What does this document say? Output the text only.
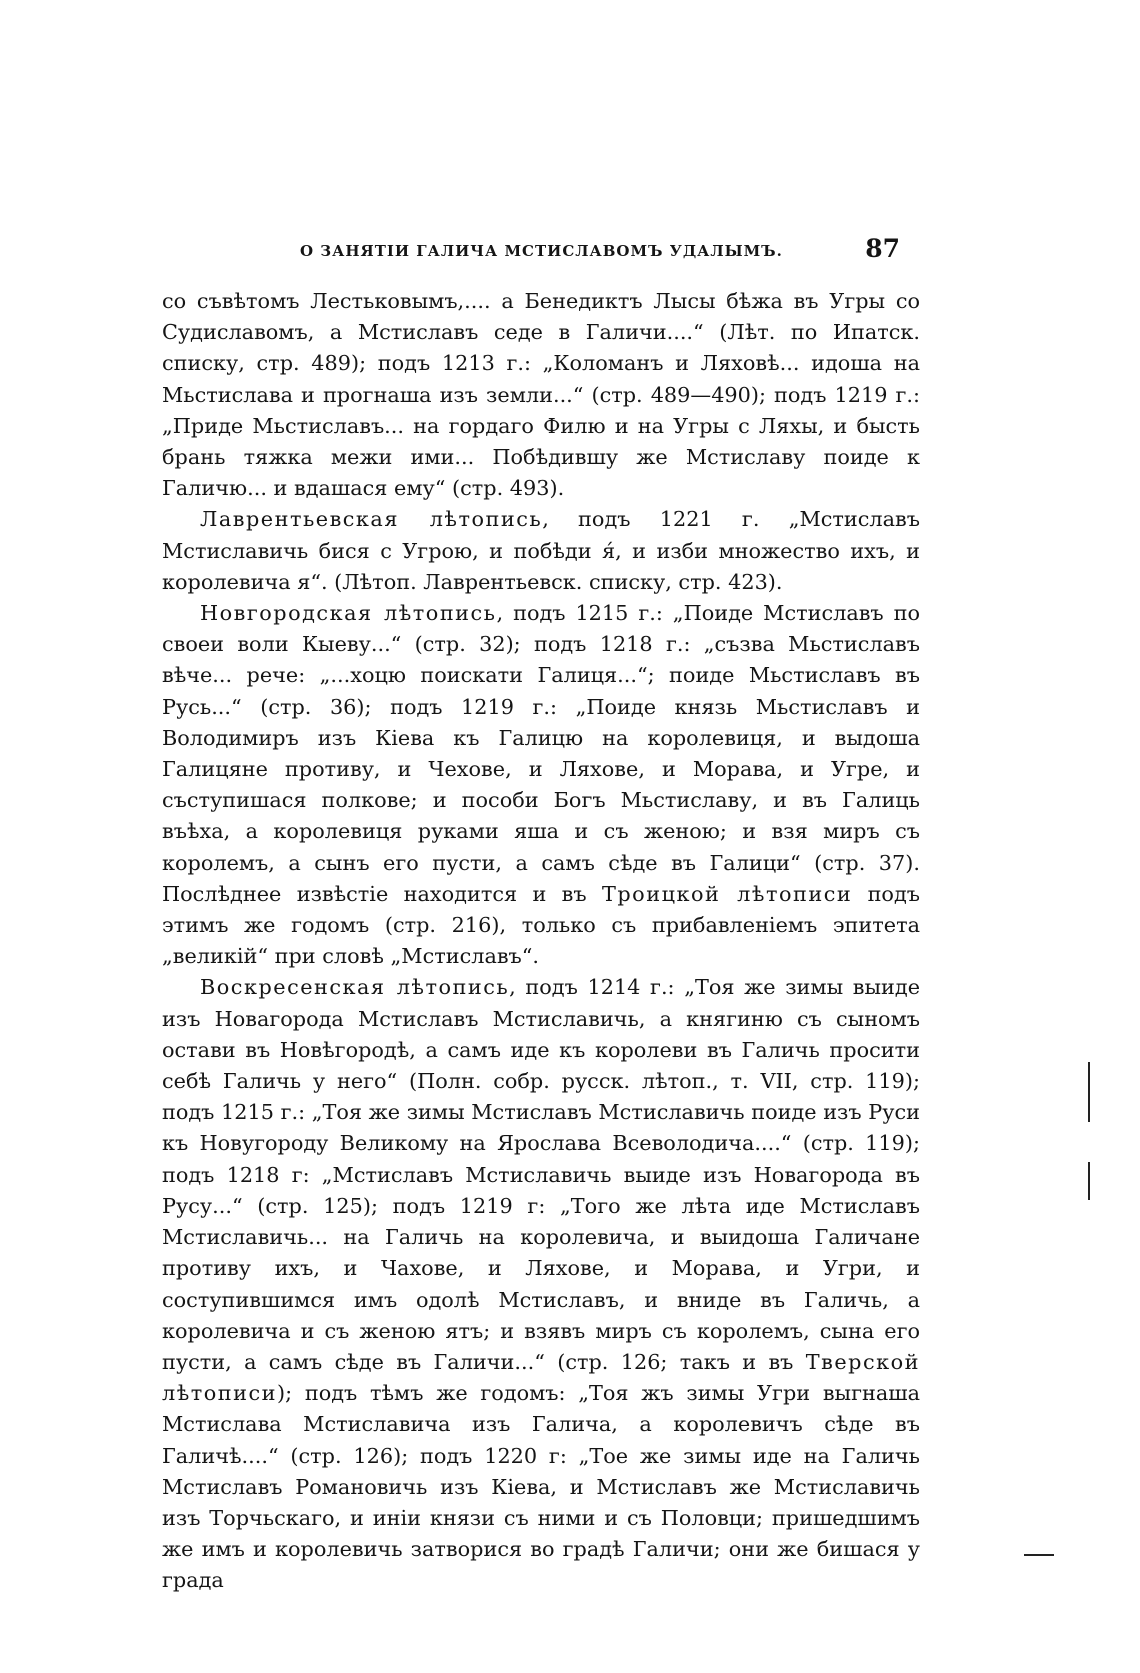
О ЗАНЯТІИ ГАЛИЧА МСТИСЛАВОМЪ УДАЛЫМЪ.	87

со съвѣтомъ Лестьковымъ,.... а Бенедиктъ Лысы бѣжа въ Угры со Судиславомъ, а Мстиславъ седе в Галичи....“ (Лѣт. по Ипатск. списку, стр. 489); подъ 1213 г.: „Коломанъ и Ляховѣ... идоша на Мьстислава и прогнаша изъ земли...“ (стр. 489—490); подъ 1219 г.: „Приде Мьстиславъ... на гордаго Филю и на Угры с Ляхы, и бысть брань тяжка межи ими... Побѣдившу же Мстиславу поиде к Галичю... и вдашася ему“ (стр. 493).

Лаврентьевская лѣтопись, подъ 1221 г. „Мстиславъ Мстиславичь бися с Угрою, и побѣди я́, и изби множество ихъ, и королевича я“. (Лѣтоп. Лаврентьевск. списку, стр. 423).

Новгородская лѣтопись, подъ 1215 г.: „Поиде Мстиславъ по своеи воли Кыеву...“ (стр. 32); подъ 1218 г.: „съзва Мьстиславъ вѣче... рече: „...хоцю поискати Галиця...“; поиде Мьстиславъ въ Русь...“ (стр. 36); подъ 1219 г.: „Поиде князь Мьстиславъ и Володимиръ изъ Кіева къ Галицю на королевиця, и выдоша Галицяне противу, и Чехове, и Ляхове, и Морава, и Угре, и съступишася полкове; и пособи Богъ Мьстиславу, и въ Галиць въѣха, а королевиця руками яша и съ женою; и взя миръ съ королемъ, а сынъ его пусти, а самъ сѣде въ Галици“ (стр. 37). Послѣднее извѣстіе находится и въ Троицкой лѣтописи подъ этимъ же годомъ (стр. 216), только съ прибавленіемъ эпитета „великій“ при словѣ „Мстиславъ“.

Воскресенская лѣтопись, подъ 1214 г.: „Тоя же зимы выиде изъ Новагорода Мстиславъ Мстиславичь, а княгиню съ сыномъ остави въ Новѣгородѣ, а самъ иде къ королеви въ Галичь просити себѣ Галичь у него“ (Полн. собр. русск. лѣтоп., т. VII, стр. 119); подъ 1215 г.: „Тоя же зимы Мстиславъ Мстиславичь поиде изъ Руси къ Новугороду Великому на Ярослава Всеволодича....“ (стр. 119); подъ 1218 г: „Мстиславъ Мстиславичь выиде изъ Новагорода въ Русу...“ (стр. 125); подъ 1219 г: „Того же лѣта иде Мстиславъ Мстиславичь... на Галичь на королевича, и выидоша Галичане противу ихъ, и Чахове, и Ляхове, и Морава, и Угри, и соступившимся имъ одолѣ Мстиславъ, и вниде въ Галичь, а королевича и съ женою ятъ; и взявъ миръ съ королемъ, сына его пусти, а самъ сѣде въ Галичи...“ (стр. 126; такъ и въ Тверской лѣтописи); подъ тѣмъ же годомъ: „Тоя жъ зимы Угри выгнаша Мстислава Мстиславича изъ Галича, а королевичъ сѣде въ Галичѣ....“ (стр. 126); подъ 1220 г: „Тое же зимы иде на Галичь Мстиславъ Романовичь изъ Кіева, и Мстиславъ же Мстиславичь изъ Торчьскаго, и иніи князи съ ними и съ Половци; пришедшимъ же имъ и королевичь затворися во градѣ Галичи; они же бишася у града
